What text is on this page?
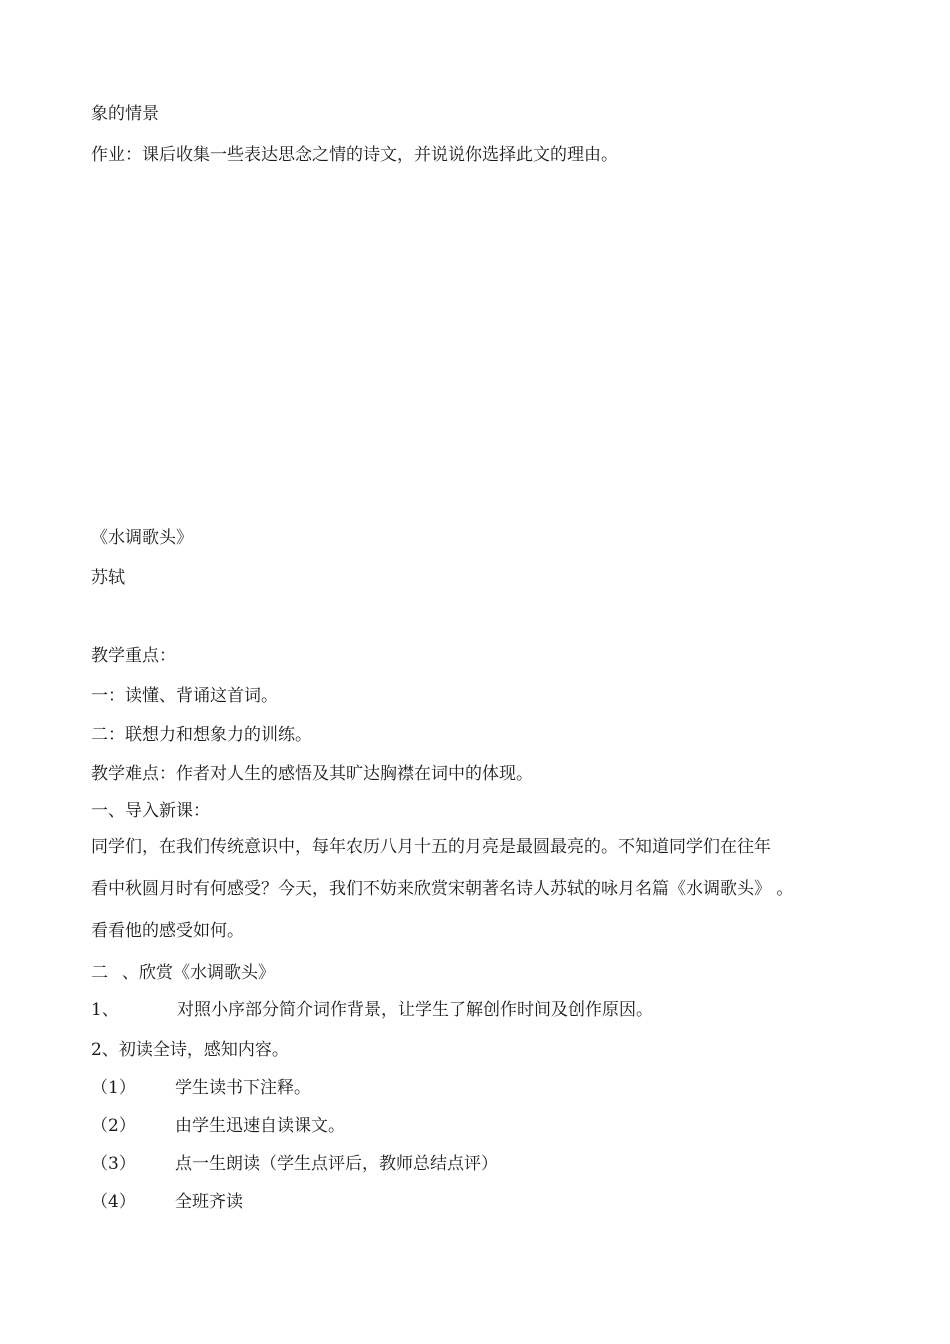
象的情景
作业：课后收集一些表达思念之情的诗文，并说说你选择此文的理由。
《水调歌头》
苏轼
教学重点：
一：读懂、背诵这首词。
二：联想力和想象力的训练。
教学难点：作者对人生的感悟及其旷达胸襟在词中的体现。
一、导入新课：
同学们，在我们传统意识中，每年农历八月十五的月亮是最圆最亮的。不知道同学们在往年
看中秋圆月时有何感受？今天，我们不妨来欣赏宋朝著名诗人苏轼的咏月名篇《水调歌头》 。
看看他的感受如何。
二 、欣赏《水调歌头》
1、	对照小序部分简介词作背景，让学生了解创作时间及创作原因。
2、初读全诗，感知内容。
（1） 学生读书下注释。
（2） 由学生迅速自读课文。
（3） 点一生朗读（学生点评后，教师总结点评）
（4） 全班齐读
